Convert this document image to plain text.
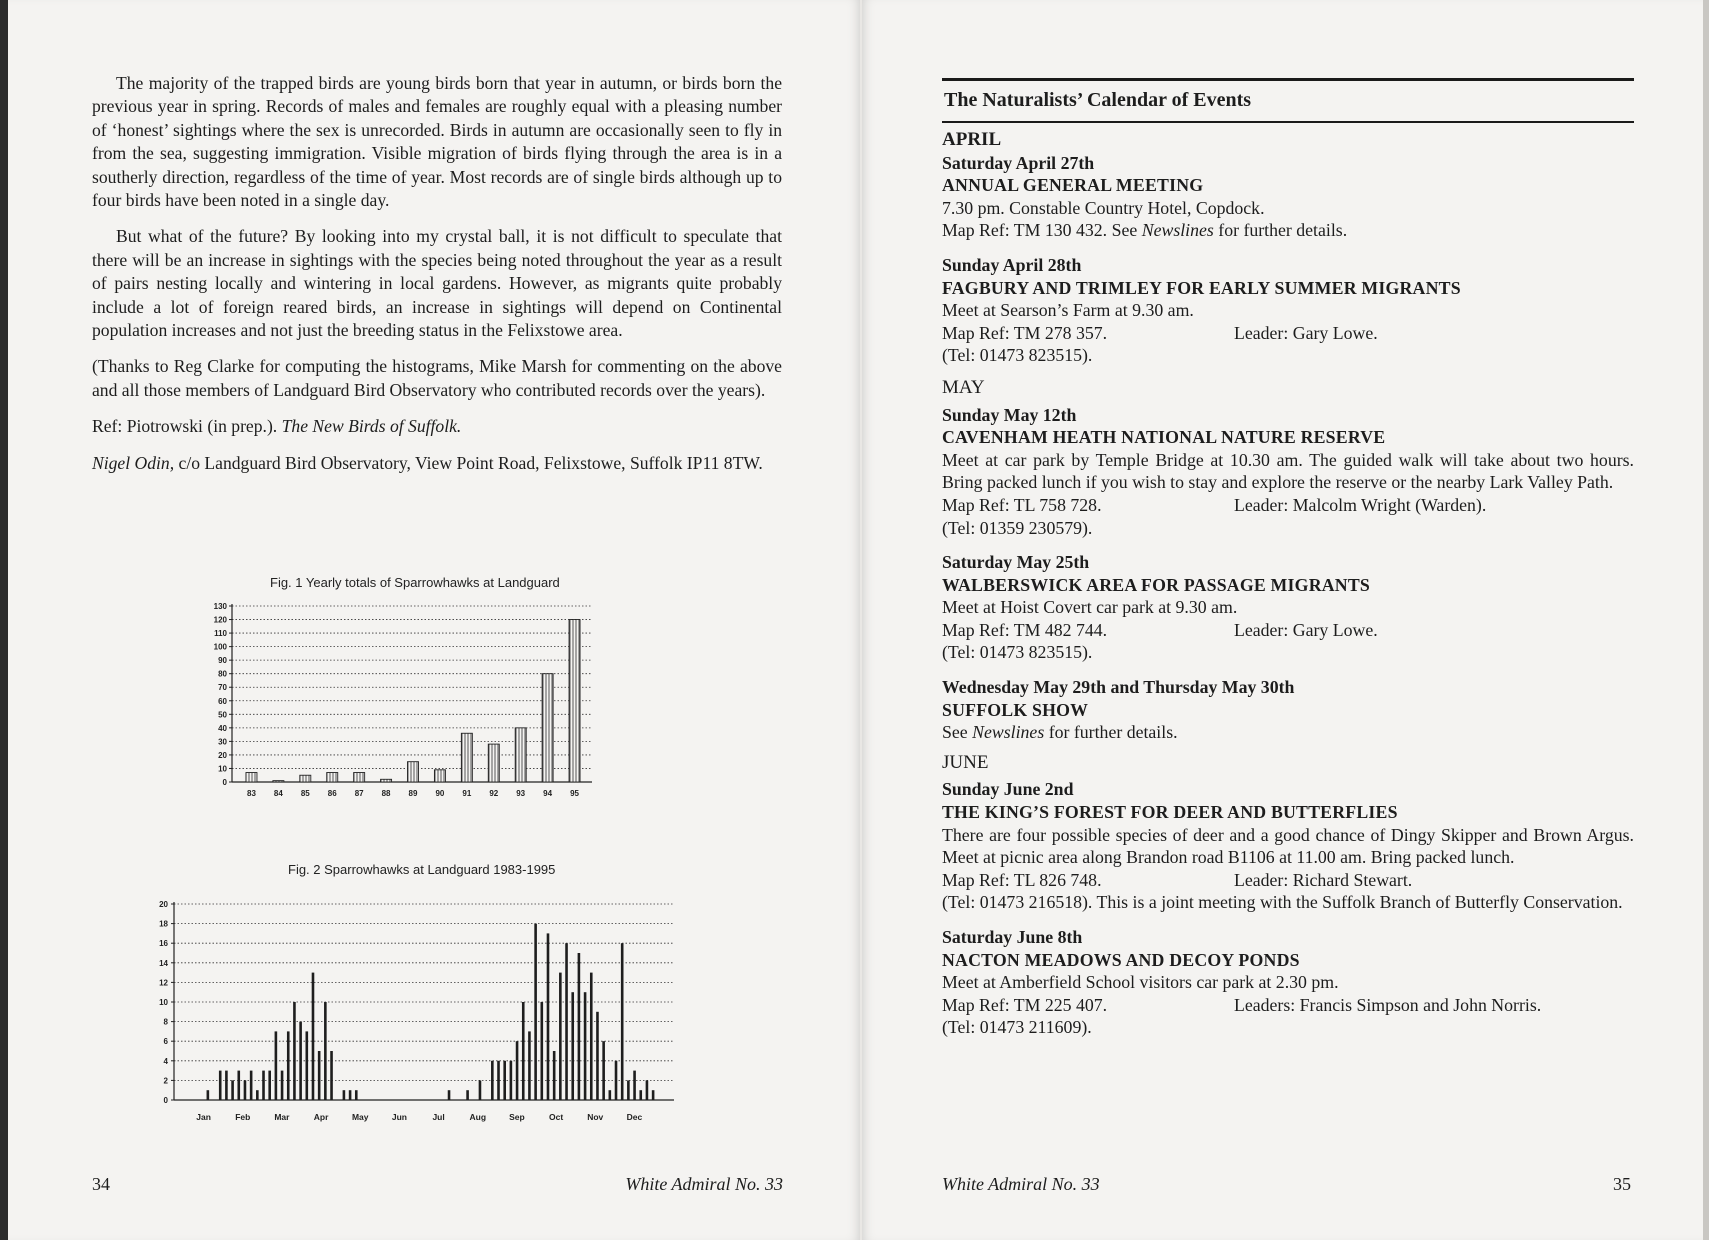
The majority of the trapped birds are young birds born that year in autumn, or birds born the previous year in spring. Records of males and females are roughly equal with a pleasing number of ‘honest’ sightings where the sex is unrecorded. Birds in autumn are occasionally seen to fly in from the sea, suggesting immigration. Visible migration of birds flying through the area is in a southerly direction, regardless of the time of year. Most records are of single birds although up to four birds have been noted in a single day.

But what of the future? By looking into my crystal ball, it is not difficult to speculate that there will be an increase in sightings with the species being noted throughout the year as a result of pairs nesting locally and wintering in local gardens. However, as migrants quite probably include a lot of foreign reared birds, an increase in sightings will depend on Continental population increases and not just the breeding status in the Felixstowe area.

(Thanks to Reg Clarke for computing the histograms, Mike Marsh for commenting on the above and all those members of Landguard Bird Observatory who contributed records over the years).

Ref: Piotrowski (in prep.). The New Birds of Suffolk.

Nigel Odin, c/o Landguard Bird Observatory, View Point Road, Felixstowe, Suffolk IP11 8TW.

Fig. 1 Yearly totals of Sparrowhawks at Landguard
0
10
20
30
40
50
60
70
80
90
100
110
120
130
83 84 85 86 87 88 89 90 91 92 93 94 95
Fig. 2 Sparrowhawks at Landguard 1983-1995
0
2
4
6
8
10
12
14
16
18
20
Jan	Feb	Mar	Apr	May	Jun	Jul	Aug	Sep	Oct	Nov	Dec
34	White Admiral No. 33
The Naturalists’ Calendar of Events
APRIL
Saturday April 27th
ANNUAL GENERAL MEETING
7.30 pm. Constable Country Hotel, Copdock.
Map Ref: TM 130 432. See Newslines for further details.
Sunday April 28th
FAGBURY AND TRIMLEY FOR EARLY SUMMER MIGRANTS
Meet at Searson’s Farm at 9.30 am.
Map Ref: TM 278 357.	Leader: Gary Lowe.
(Tel: 01473 823515).
MAY
Sunday May 12th
CAVENHAM HEATH NATIONAL NATURE RESERVE
Meet at car park by Temple Bridge at 10.30 am. The guided walk will take about two hours. Bring packed lunch if you wish to stay and explore the reserve or the nearby Lark Valley Path.
Map Ref: TL 758 728.	Leader: Malcolm Wright (Warden).
(Tel: 01359 230579).
Saturday May 25th
WALBERSWICK AREA FOR PASSAGE MIGRANTS
Meet at Hoist Covert car park at 9.30 am.
Map Ref: TM 482 744.	Leader: Gary Lowe.
(Tel: 01473 823515).
Wednesday May 29th and Thursday May 30th
SUFFOLK SHOW
See Newslines for further details.
JUNE
Sunday June 2nd
THE KING’S FOREST FOR DEER AND BUTTERFLIES
There are four possible species of deer and a good chance of Dingy Skipper and Brown Argus. Meet at picnic area along Brandon road B1106 at 11.00 am. Bring packed lunch.
Map Ref: TL 826 748.	Leader: Richard Stewart.
(Tel: 01473 216518). This is a joint meeting with the Suffolk Branch of Butterfly Conservation.
Saturday June 8th
NACTON MEADOWS AND DECOY PONDS
Meet at Amberfield School visitors car park at 2.30 pm.
Map Ref: TM 225 407.	Leaders: Francis Simpson and John Norris.
(Tel: 01473 211609).
White Admiral No. 33	35
